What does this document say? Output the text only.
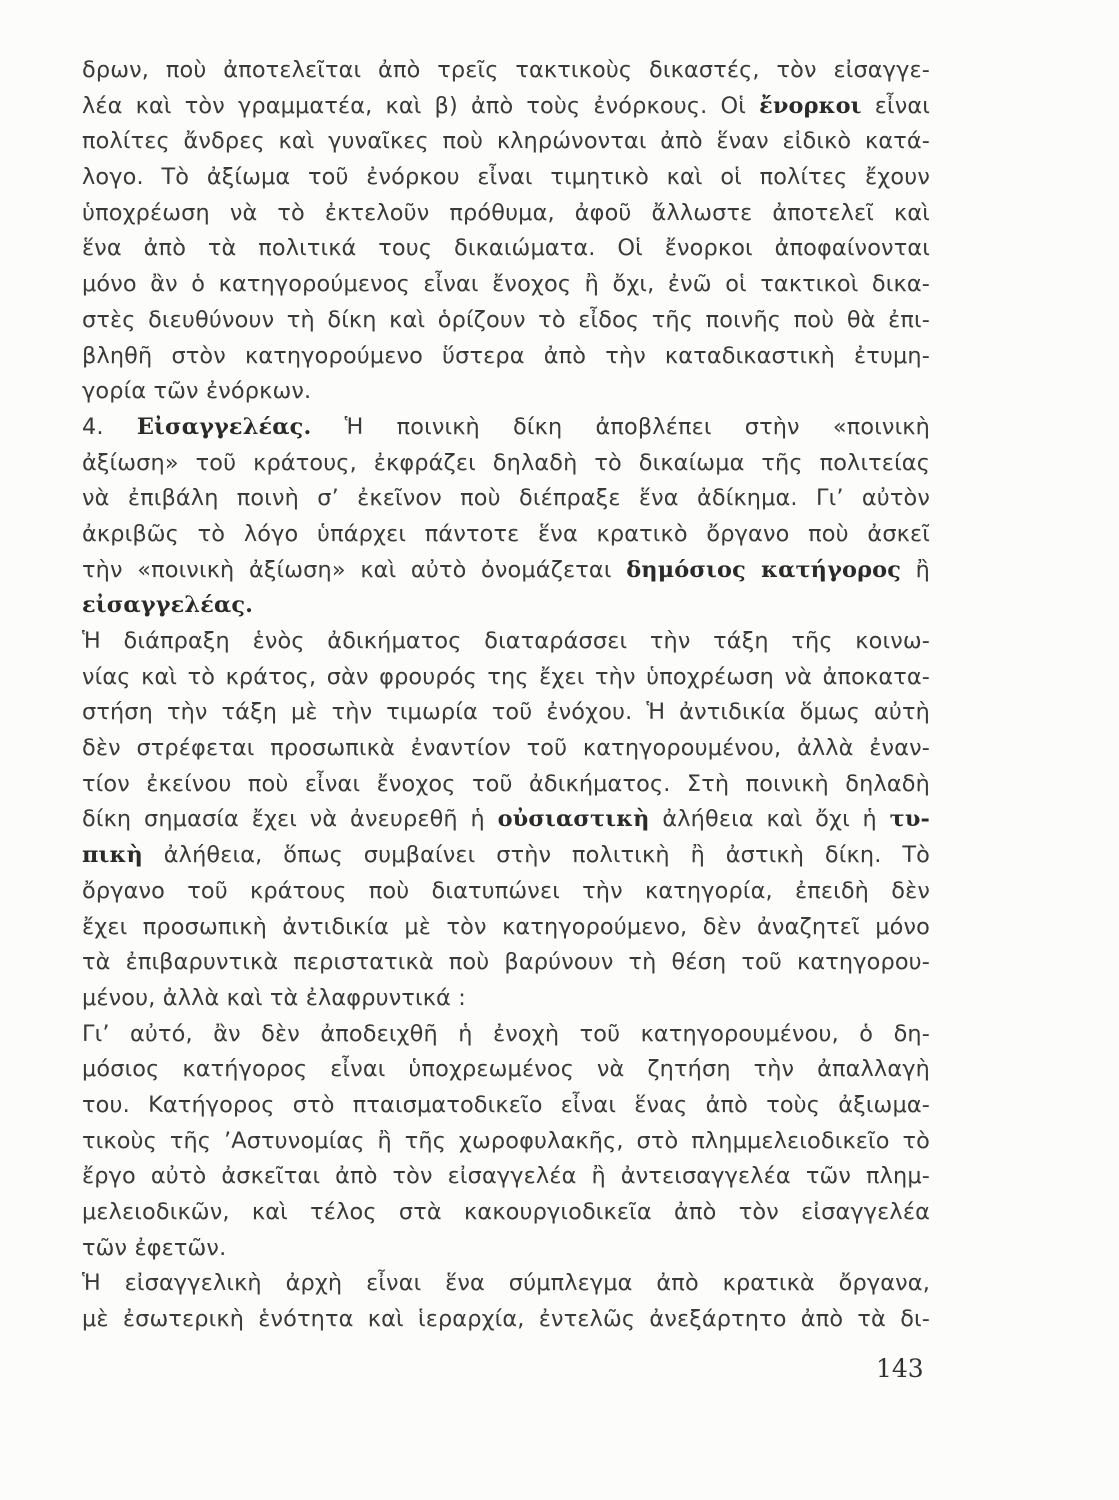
δρων, ποὺ ἀποτελεῖται ἀπὸ τρεῖς τακτικοὺς δικαστές, τὸν εἰσαγγε-
λέα καὶ τὸν γραμματέα, καὶ β) ἀπὸ τοὺς ἐνόρκους. Οἱ ἔνορκοι εἶναι
πολίτες ἄνδρες καὶ γυναῖκες ποὺ κληρώνονται ἀπὸ ἕναν εἰδικὸ κατά-
λογο. Τὸ ἀξίωμα τοῦ ἐνόρκου εἶναι τιμητικὸ καὶ οἱ πολίτες ἔχουν
ὑποχρέωση νὰ τὸ ἐκτελοῦν πρόθυμα, ἀφοῦ ἄλλωστε ἀποτελεῖ καὶ
ἕνα ἀπὸ τὰ πολιτικά τους δικαιώματα. Οἱ ἔνορκοι ἀποφαίνονται
μόνο ἂν ὁ κατηγορούμενος εἶναι ἔνοχος ἢ ὄχι, ἐνῶ οἱ τακτικοὶ δικα-
στὲς διευθύνουν τὴ δίκη καὶ ὁρίζουν τὸ εἶδος τῆς ποινῆς ποὺ θὰ ἐπι-
βληθῆ στὸν κατηγορούμενο ὕστερα ἀπὸ τὴν καταδικαστικὴ ἐτυμη-
γορία τῶν ἐνόρκων.
4. Εἰσαγγελέας. Ἡ ποινικὴ δίκη ἀποβλέπει στὴν «ποινικὴ
ἀξίωση» τοῦ κράτους, ἐκφράζει δηλαδὴ τὸ δικαίωμα τῆς πολιτείας
νὰ ἐπιβάλη ποινὴ σ’ ἐκεῖνον ποὺ διέπραξε ἕνα ἀδίκημα. Γι’ αὐτὸν
ἀκριβῶς τὸ λόγο ὑπάρχει πάντοτε ἕνα κρατικὸ ὄργανο ποὺ ἀσκεῖ
τὴν «ποινικὴ ἀξίωση» καὶ αὐτὸ ὀνομάζεται δημόσιος κατήγορος ἢ
εἰσαγγελέας.
Ἡ διάπραξη ἑνὸς ἀδικήματος διαταράσσει τὴν τάξη τῆς κοινω-
νίας καὶ τὸ κράτος, σὰν φρουρός της ἔχει τὴν ὑποχρέωση νὰ ἀποκατα-
στήση τὴν τάξη μὲ τὴν τιμωρία τοῦ ἐνόχου. Ἡ ἀντιδικία ὅμως αὐτὴ
δὲν στρέφεται προσωπικὰ ἐναντίον τοῦ κατηγορουμένου, ἀλλὰ ἐναν-
τίον ἐκείνου ποὺ εἶναι ἔνοχος τοῦ ἀδικήματος. Στὴ ποινικὴ δηλαδὴ
δίκη σημασία ἔχει νὰ ἀνευρεθῆ ἡ οὐσιαστικὴ ἀλήθεια καὶ ὄχι ἡ τυ-
πικὴ ἀλήθεια, ὅπως συμβαίνει στὴν πολιτικὴ ἢ ἀστικὴ δίκη. Τὸ
ὄργανο τοῦ κράτους ποὺ διατυπώνει τὴν κατηγορία, ἐπειδὴ δὲν
ἔχει προσωπικὴ ἀντιδικία μὲ τὸν κατηγορούμενο, δὲν ἀναζητεῖ μόνο
τὰ ἐπιβαρυντικὰ περιστατικὰ ποὺ βαρύνουν τὴ θέση τοῦ κατηγορου-
μένου, ἀλλὰ καὶ τὰ ἐλαφρυντικά :
Γι’ αὐτό, ἂν δὲν ἀποδειχθῆ ἡ ἐνοχὴ τοῦ κατηγορουμένου, ὁ δη-
μόσιος κατήγορος εἶναι ὑποχρεωμένος νὰ ζητήση τὴν ἀπαλλαγὴ
του. Κατήγορος στὸ πταισματοδικεῖο εἶναι ἕνας ἀπὸ τοὺς ἀξιωμα-
τικοὺς τῆς ’Αστυνομίας ἢ τῆς χωροφυλακῆς, στὸ πλημμελειοδικεῖο τὸ
ἔργο αὐτὸ ἀσκεῖται ἀπὸ τὸν εἰσαγγελέα ἢ ἀντεισαγγελέα τῶν πλημ-
μελειοδικῶν, καὶ τέλος στὰ κακουργιοδικεῖα ἀπὸ τὸν εἰσαγγελέα
τῶν ἐφετῶν.
Ἡ εἰσαγγελικὴ ἀρχὴ εἶναι ἕνα σύμπλεγμα ἀπὸ κρατικὰ ὄργανα,
μὲ ἐσωτερικὴ ἑνότητα καὶ ἱεραρχία, ἐντελῶς ἀνεξάρτητο ἀπὸ τὰ δι-
143
